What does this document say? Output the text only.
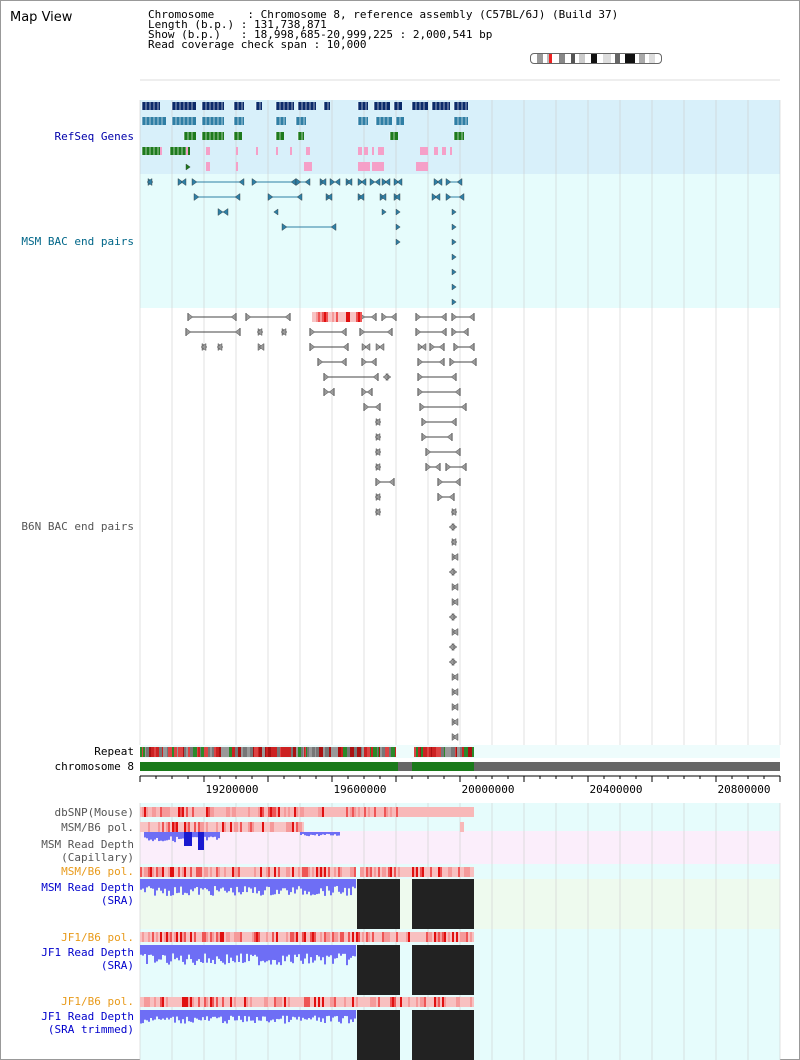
Map View	Chromosome     : Chromosome 8, reference assembly (C57BL/6J) (Build 37)
Length (b.p.) : 131,738,871
Show (b.p.)   : 18,998,685-20,999,225 : 2,000,541 bp
Read coverage check span : 10,000
RefSeq Genes
MSM BAC end pairs
B6N BAC end pairs
Repeat
chromosome 8
dbSNP(Mouse)
MSM/B6 pol.
MSM Read Depth
(Capillary)
MSM/B6 pol.
MSM Read Depth
(SRA)
JF1/B6 pol.
JF1 Read Depth
(SRA)
JF1/B6 pol.
JF1 Read Depth
(SRA trimmed)
19200000	19600000	20000000	20400000	20800000
